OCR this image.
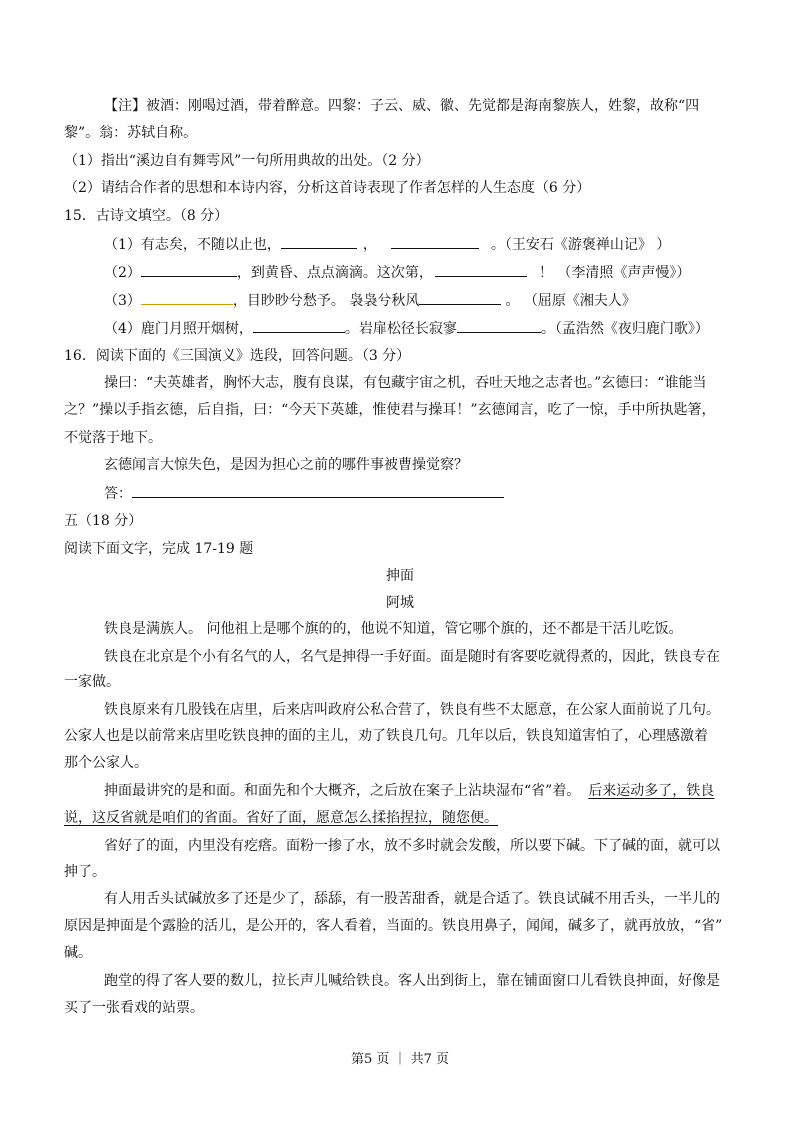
【注】被酒：刚喝过酒，带着醉意。四黎：子云、威、徽、先觉都是海南黎族人，姓黎，故称“四
黎”。翁：苏轼自称。
（1）指出“溪边自有舞雩风”一句所用典故的出处。（2 分）
（2）请结合作者的思想和本诗内容，分析这首诗表现了作者怎样的人生态度（6 分）
15．古诗文填空。（8 分）
（1）有志矣，不随以止也，	，	。（王安石《游褒禅山记》 ）
（2）	，到黄昏、点点滴滴。这次第，	！ （李清照《声声慢》）
（3）	，目眇眇兮愁予。 袅袅兮秋风	。 （屈原《湘夫人》
（4）鹿门月照开烟树，	。岩扉松径长寂寥	。（孟浩然《夜归鹿门歌》）
16．阅读下面的《三国演义》选段，回答问题。（3 分）
操曰：“夫英雄者，胸怀大志，腹有良谋，有包藏宇宙之机，吞吐天地之志者也。”玄德曰：“谁能当
之？”操以手指玄德，后自指，曰：“今天下英雄，惟使君与操耳！”玄德闻言，吃了一惊，手中所执匙箸，
不觉落于地下。
玄德闻言大惊失色，是因为担心之前的哪件事被曹操觉察？
答：
五（18 分）
阅读下面文字，完成 17-19 题
抻面
阿城
铁良是满族人。 问他祖上是哪个旗的的，他说不知道，管它哪个旗的，还不都是干活儿吃饭。
铁良在北京是个小有名气的人，名气是抻得一手好面。面是随时有客要吃就得煮的，因此，铁良专在
一家做。
铁良原来有几股钱在店里，后来店叫政府公私合营了，铁良有些不太愿意，在公家人面前说了几句。
公家人也是以前常来店里吃铁良抻的面的主儿，劝了铁良几句。几年以后，铁良知道害怕了，心理感激着
那个公家人。
抻面最讲究的是和面。和面先和个大概齐，之后放在案子上沾块湿布“省”着。 后来运动多了，铁良
说，这反省就是咱们的省面。省好了面，愿意怎么揉掐捏拉，随您便。
省好了的面，内里没有疙瘩。面粉一掺了水，放不多时就会发酸，所以要下碱。下了碱的面，就可以
抻了。
有人用舌头试碱放多了还是少了，舔舔，有一股苦甜香，就是合适了。铁良试碱不用舌头，一半儿的
原因是抻面是个露脸的活儿，是公开的，客人看着，当面的。铁良用鼻子，闻闻，碱多了，就再放放，“省”
碱。
跑堂的得了客人要的数儿，拉长声儿喊给铁良。客人出到街上，靠在铺面窗口儿看铁良抻面，好像是
买了一张看戏的站票。
第5 页 ｜ 共7 页
